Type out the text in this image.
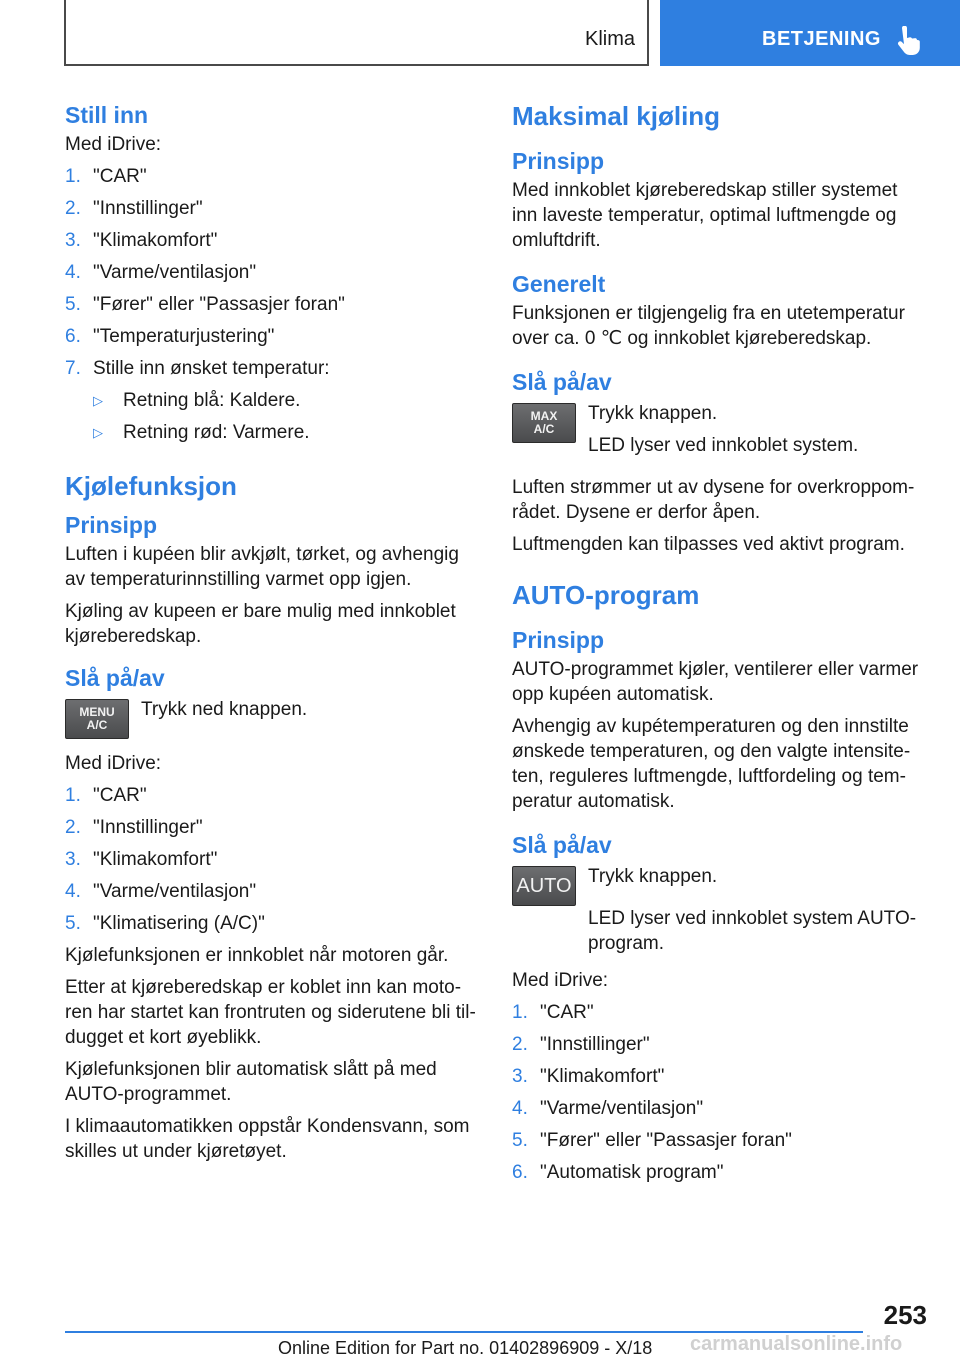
Klima	BETJENING
Still inn

Med iDrive:

1. "CAR"
2. "Innstillinger"
3. "Klimakomfort"
4. "Varme/ventilasjon"
5. "Fører" eller "Passasjer foran"
6. "Temperaturjustering"
7. Stille inn ønsket temperatur:
▷	Retning blå: Kaldere.
▷	Retning rød: Varmere.
Kjølefunksjon
Prinsipp

Luften i kupéen blir avkjølt, tørket, og avhengig av temperaturinnstilling varmet opp igjen.

Kjøling av kupeen er bare mulig med innkoblet kjøreberedskap.

Slå på/av
MENU
A/C

Trykk ned knappen.

Med iDrive:

1. "CAR"
2. "Innstillinger"
3. "Klimakomfort"
4. "Varme/ventilasjon"
5. "Klimatisering (A/C)"

Kjølefunksjonen er innkoblet når motoren går.

Etter at kjøreberedskap er koblet inn kan moto-ren har startet kan frontruten og siderutene bli til-dugget et kort øyeblikk.

Kjølefunksjonen blir automatisk slått på med AUTO-programmet.

I klimaautomatikken oppstår Kondensvann, som skilles ut under kjøretøyet.

Maksimal kjøling
Prinsipp

Med innkoblet kjøreberedskap stiller systemet inn laveste temperatur, optimal luftmengde og omluftdrift.

Generelt

Funksjonen er tilgjengelig fra en utetemperatur over ca. 0 ℃ og innkoblet kjøreberedskap.

Slå på/av
MAX
A/C

Trykk knappen.

LED lyser ved innkoblet system.

Luften strømmer ut av dysene for overkroppom-rådet. Dysene er derfor åpen.

Luftmengden kan tilpasses ved aktivt program.

AUTO-program
Prinsipp

AUTO-programmet kjøler, ventilerer eller varmer opp kupéen automatisk.

Avhengig av kupétemperaturen og den innstilte ønskede temperaturen, og den valgte intensite-ten, reguleres luftmengde, luftfordeling og tem-peratur automatisk.

Slå på/av
AUTO Trykk knappen.

LED lyser ved innkoblet system AUTO-program.

Med iDrive:

1. "CAR"
2. "Innstillinger"
3. "Klimakomfort"
4. "Varme/ventilasjon"
5. "Fører" eller "Passasjer foran"
6. "Automatisk program"
253
Online Edition for Part no. 01402896909 - X/18 carmanualsonline.info
